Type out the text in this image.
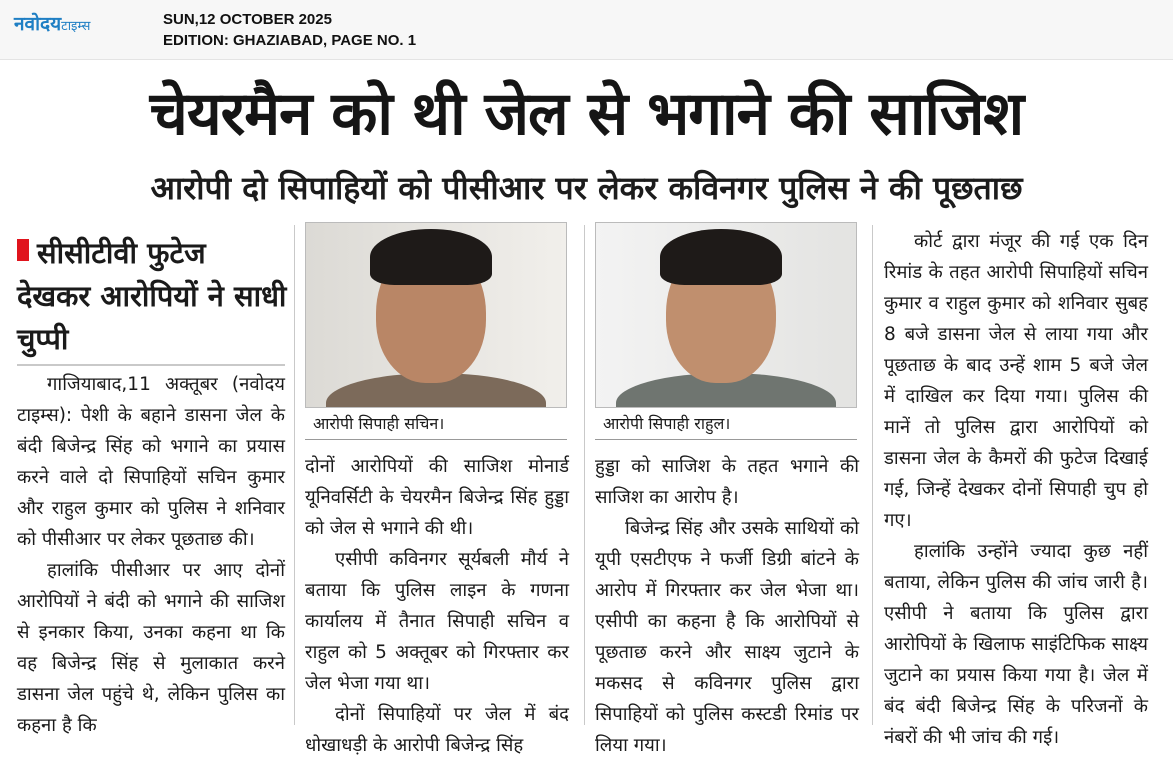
नवोदयटाइम्स	SUN,12 OCTOBER 2025
EDITION: GHAZIABAD, PAGE NO. 1
चेयरमैन को थी जेल से भगाने की साजिश
आरोपी दो सिपाहियों को पीसीआर पर लेकर कविनगर पुलिस ने की पूछताछ
सीसीटीवी फुटेज देखकर आरोपियों ने साधी चुप्पी

गाजियाबाद,11 अक्तूबर (नवोदय टाइम्स): पेशी के बहाने डासना जेल के बंदी बिजेन्द्र सिंह को भगाने का प्रयास करने वाले दो सिपाहियों सचिन कुमार और राहुल कुमार को पुलिस ने शनिवार को पीसीआर पर लेकर पूछताछ की।

हालांकि पीसीआर पर आए दोनों आरोपियों ने बंदी को भगाने की साजिश से इनकार किया, उनका कहना था कि वह बिजेन्द्र सिंह से मुलाकात करने डासना जेल पहुंचे थे, लेकिन पुलिस का कहना है कि

आरोपी सिपाही सचिन।	आरोपी सिपाही राहुल।

दोनों आरोपियों की साजिश मोनार्ड यूनिवर्सिटी के चेयरमैन बिजेन्द्र सिंह हुड्डा को जेल से भगाने की थी।

एसीपी कविनगर सूर्यबली मौर्य ने बताया कि पुलिस लाइन के गणना कार्यालय में तैनात सिपाही सचिन व राहुल को 5 अक्तूबर को गिरफ्तार कर जेल भेजा गया था।

दोनों सिपाहियों पर जेल में बंद धोखाधड़ी के आरोपी बिजेन्द्र सिंह

हुड्डा को साजिश के तहत भगाने की साजिश का आरोप है।

बिजेन्द्र सिंह और उसके साथियों को यूपी एसटीएफ ने फर्जी डिग्री बांटने के आरोप में गिरफ्तार कर जेल भेजा था। एसीपी का कहना है कि आरोपियों से पूछताछ करने और साक्ष्य जुटाने के मकसद से कविनगर पुलिस द्वारा सिपाहियों को पुलिस कस्टडी रिमांड पर लिया गया।

कोर्ट द्वारा मंजूर की गई एक दिन रिमांड के तहत आरोपी सिपाहियों सचिन कुमार व राहुल कुमार को शनिवार सुबह 8 बजे डासना जेल से लाया गया और पूछताछ के बाद उन्हें शाम 5 बजे जेल में दाखिल कर दिया गया। पुलिस की मानें तो पुलिस द्वारा आरोपियों को डासना जेल के कैमरों की फुटेज दिखाई गई, जिन्हें देखकर दोनों सिपाही चुप हो गए।

हालांकि उन्होंने ज्यादा कुछ नहीं बताया, लेकिन पुलिस की जांच जारी है। एसीपी ने बताया कि पुलिस द्वारा आरोपियों के खिलाफ साइंटिफिक साक्ष्य जुटाने का प्रयास किया गया है। जेल में बंद बंदी बिजेन्द्र सिंह के परिजनों के नंबरों की भी जांच की गई।
